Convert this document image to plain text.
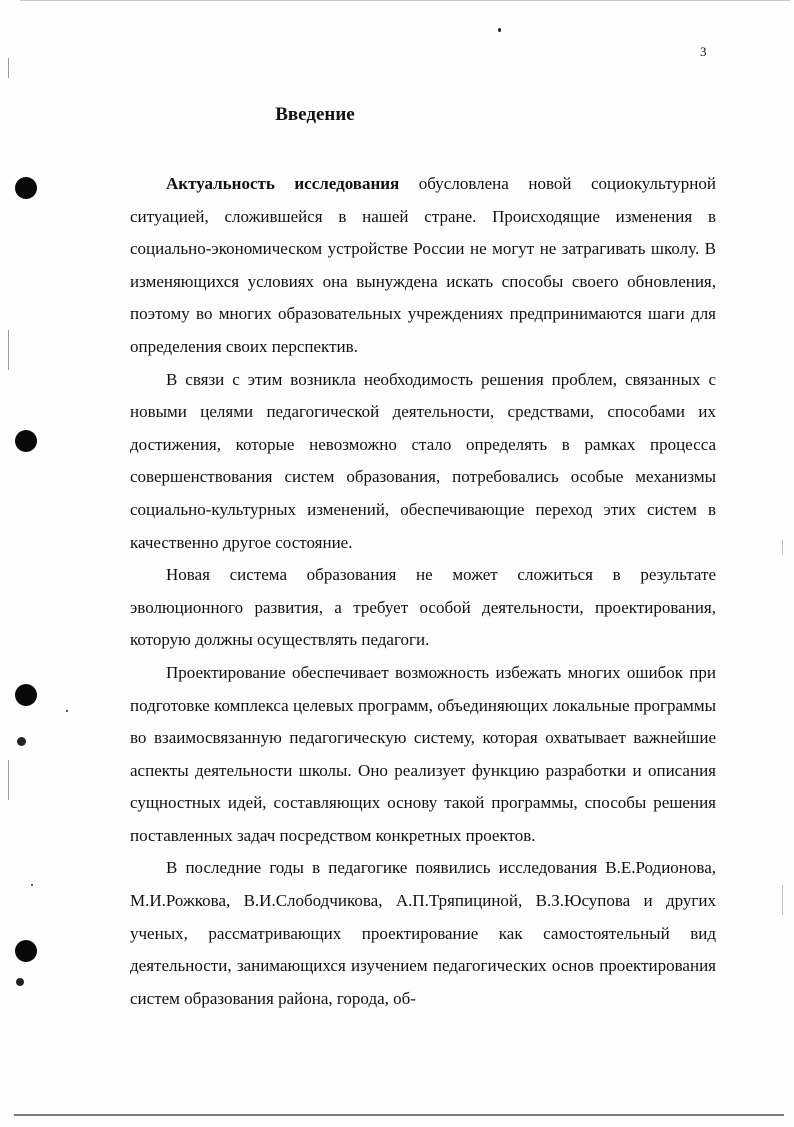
3
Введение

Актуальность исследования обусловлена новой социокультурной ситуацией, сложившейся в нашей стране. Происходящие изменения в социально-экономическом устройстве России не могут не затрагивать школу. В изменяющихся условиях она вынуждена искать способы своего обновления, поэтому во многих образовательных учреждениях предпринимаются шаги для определения своих перспектив.

В связи с этим возникла необходимость решения проблем, связанных с новыми целями педагогической деятельности, средствами, способами их достижения, которые невозможно стало определять в рамках процесса совершенствования систем образования, потребовались особые механизмы социально-культурных изменений, обеспечивающие переход этих систем в качественно другое состояние.

Новая система образования не может сложиться в результате эволюционного развития, а требует особой деятельности, проектирования, которую должны осуществлять педагоги.

Проектирование обеспечивает возможность избежать многих ошибок при подготовке комплекса целевых программ, объединяющих локальные программы во взаимосвязанную педагогическую систему, которая охватывает важнейшие аспекты деятельности школы. Оно реализует функцию разработки и описания сущностных идей, составляющих основу такой программы, способы решения поставленных задач посредством конкретных проектов.

В последние годы в педагогике появились исследования В.Е.Родионова, М.И.Рожкова, В.И.Слободчикова, А.П.Тряпициной, В.З.Юсупова и других ученых, рассматривающих проектирование как самостоятельный вид деятельности, занимающихся изучением педагогических основ проектирования систем образования района, города, об-
